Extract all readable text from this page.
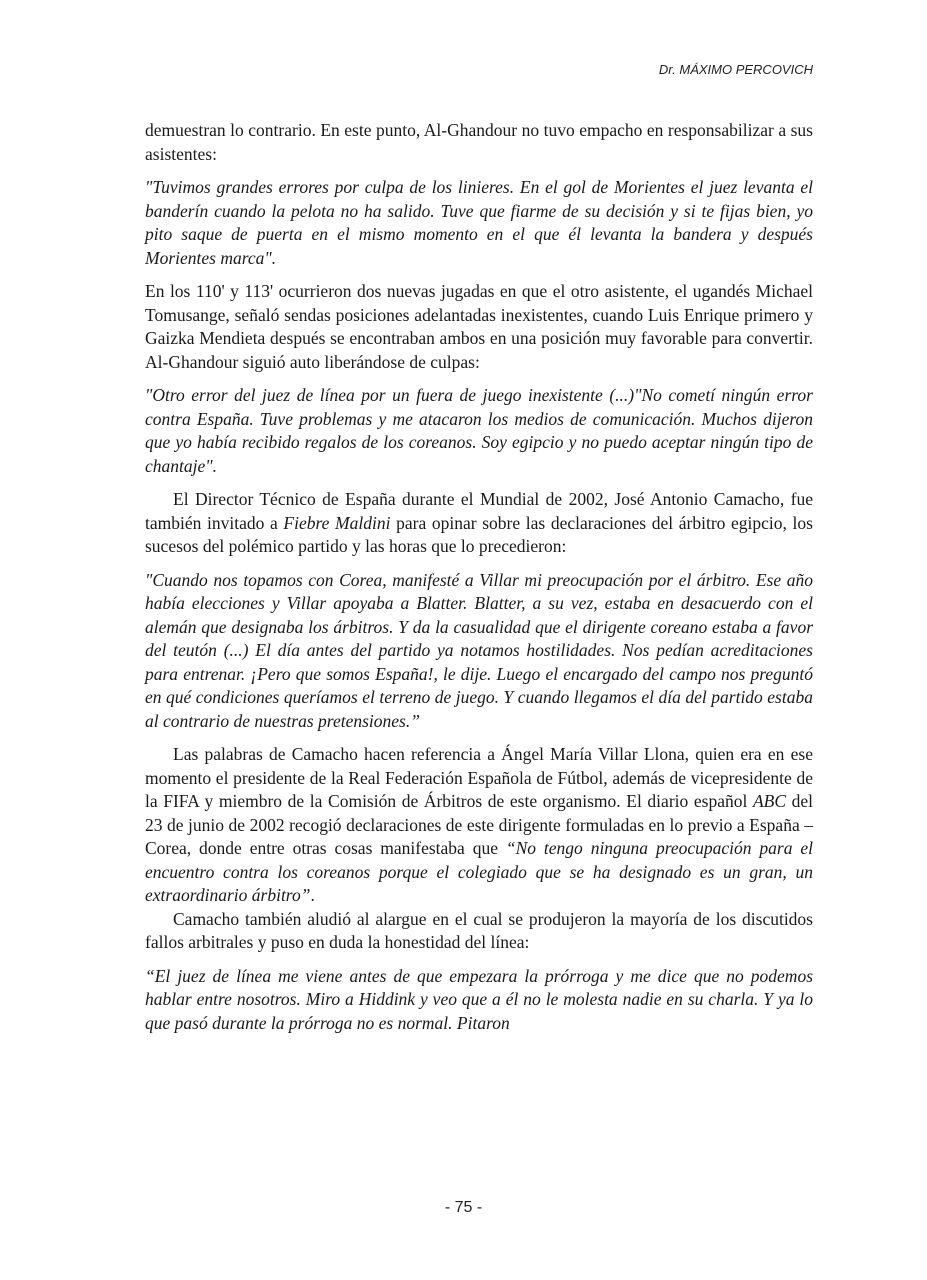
Dr. MÁXIMO PERCOVICH

demuestran lo contrario. En este punto, Al-Ghandour no tuvo empacho en responsabilizar a sus asistentes:

"Tuvimos grandes errores por culpa de los linieres. En el gol de Morientes el juez levanta el banderín cuando la pelota no ha salido. Tuve que fiarme de su decisión y si te fijas bien, yo pito saque de puerta en el mismo momento en el que él levanta la bandera y después Morientes marca".

En los 110' y 113' ocurrieron dos nuevas jugadas en que el otro asistente, el ugandés Michael Tomusange, señaló sendas posiciones adelantadas inexistentes, cuando Luis Enrique primero y Gaizka Mendieta después se encontraban ambos en una posición muy favorable para convertir. Al-Ghandour siguió auto liberándose de culpas:

"Otro error del juez de línea por un fuera de juego inexistente (...)"No cometí ningún error contra España. Tuve problemas y me atacaron los medios de comunicación. Muchos dijeron que yo había recibido regalos de los coreanos. Soy egipcio y no puedo aceptar ningún tipo de chantaje".

El Director Técnico de España durante el Mundial de 2002, José Antonio Camacho, fue también invitado a Fiebre Maldini para opinar sobre las declaraciones del árbitro egipcio, los sucesos del polémico partido y las horas que lo precedieron:

"Cuando nos topamos con Corea, manifesté a Villar mi preocupación por el árbitro. Ese año había elecciones y Villar apoyaba a Blatter. Blatter, a su vez, estaba en desacuerdo con el alemán que designaba los árbitros. Y da la casualidad que el dirigente coreano estaba a favor del teutón (...) El día antes del partido ya notamos hostilidades. Nos pedían acreditaciones para entrenar. ¡Pero que somos España!, le dije. Luego el encargado del campo nos preguntó en qué condiciones queríamos el terreno de juego. Y cuando llegamos el día del partido estaba al contrario de nuestras pretensiones.”

Las palabras de Camacho hacen referencia a Ángel María Villar Llona, quien era en ese momento el presidente de la Real Federación Española de Fútbol, además de vicepresidente de la FIFA y miembro de la Comisión de Árbitros de este organismo. El diario español ABC del 23 de junio de 2002 recogió declaraciones de este dirigente formuladas en lo previo a España – Corea, donde entre otras cosas manifestaba que “No tengo ninguna preocupación para el encuentro contra los coreanos porque el colegiado que se ha designado es un gran, un extraordinario árbitro”.

Camacho también aludió al alargue en el cual se produjeron la mayoría de los discutidos fallos arbitrales y puso en duda la honestidad del línea:

“El juez de línea me viene antes de que empezara la prórroga y me dice que no podemos hablar entre nosotros. Miro a Hiddink y veo que a él no le molesta nadie en su charla. Y ya lo que pasó durante la prórroga no es normal. Pitaron

- 75 -
